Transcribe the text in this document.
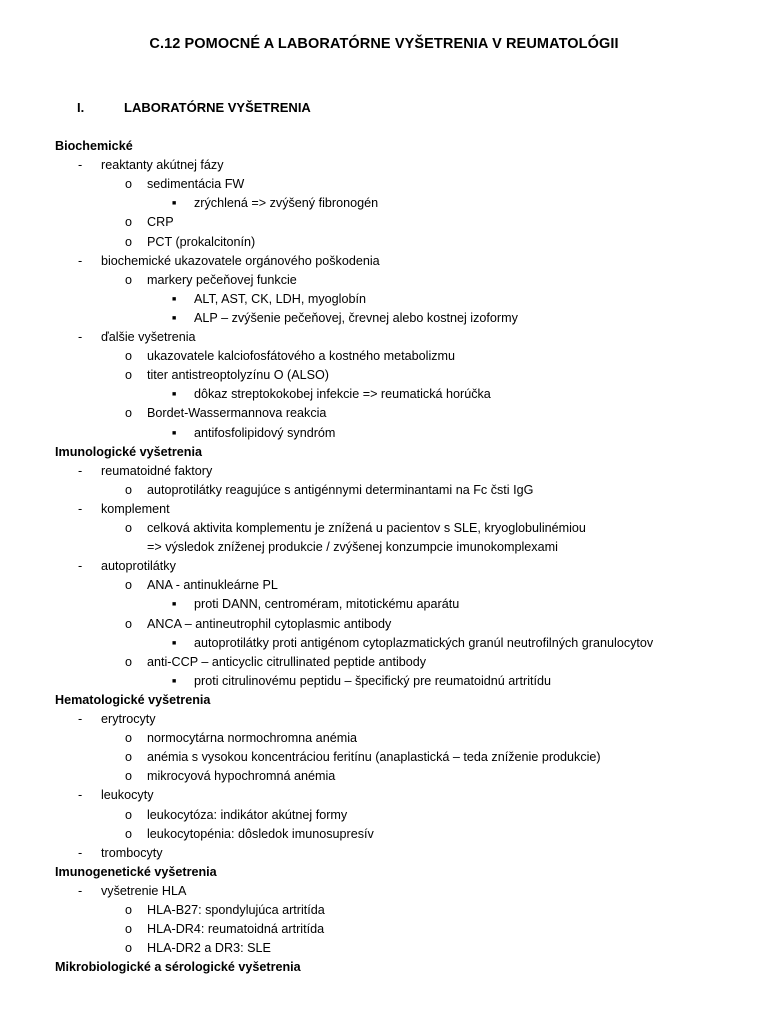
C.12 POMOCNÉ A LABORATÓRNE VYŠETRENIA V REUMATOLÓGII
I.	LABORATÓRNE VYŠETRENIA
Biochemické
- reaktanty akútnej fázy
o sedimentácia FW
■ zrýchlená => zvýšený fibronogén
o CRP
o PCT (prokalcitonín)
- biochemické ukazovatele orgánového poškodenia
o markery pečeňovej funkcie
■ ALT, AST, CK, LDH, myoglobín
■ ALP – zvýšenie pečeňovej, črevnej alebo kostnej izoformy
- ďalšie vyšetrenia
o ukazovatele kalciofosfátového a kostného metabolizmu
o titer antistreoptolyzínu O (ALSO)
■ dôkaz streptokokobej infekcie => reumatická horúčka
o Bordet-Wassermannova reakcia
■ antifosfolipidový syndróm
Imunologické vyšetrenia
- reumatoidné faktory
o autoprotilátky reagujúce s antigénnymi determinantami na Fc čsti IgG
- komplement
o celková aktivita komplementu je znížená u pacientov s SLE, kryoglobulinémiou
=> výsledok zníženej produkcie / zvýšenej konzumpcie imunokomplexami
- autoprotilátky
o ANA - antinukleárne PL
■ proti DANN, centroméram, mitotickému aparátu
o ANCA – antineutrophil cytoplasmic antibody
■ autoprotilátky proti antigénom cytoplazmatických granúl neutrofilných granulocytov
o anti-CCP – anticyclic citrullinated peptide antibody
■ proti citrulinovému peptidu – špecifický pre reumatoidnú artritídu
Hematologické vyšetrenia
- erytrocyty
o normocytárna normochromna anémia
o anémia s vysokou koncentráciou feritínu (anaplastická – teda zníženie produkcie)
o mikrocyová hypochromná anémia
- leukocyty
o leukocytóza: indikátor akútnej formy
o leukocytopénia: dôsledok imunosupresív
- trombocyty
Imunogenetické vyšetrenia
- vyšetrenie HLA
o HLA-B27: spondylujúca artritída
o HLA-DR4: reumatoidná artritída
o HLA-DR2 a DR3: SLE
Mikrobiologické a sérologické vyšetrenia
